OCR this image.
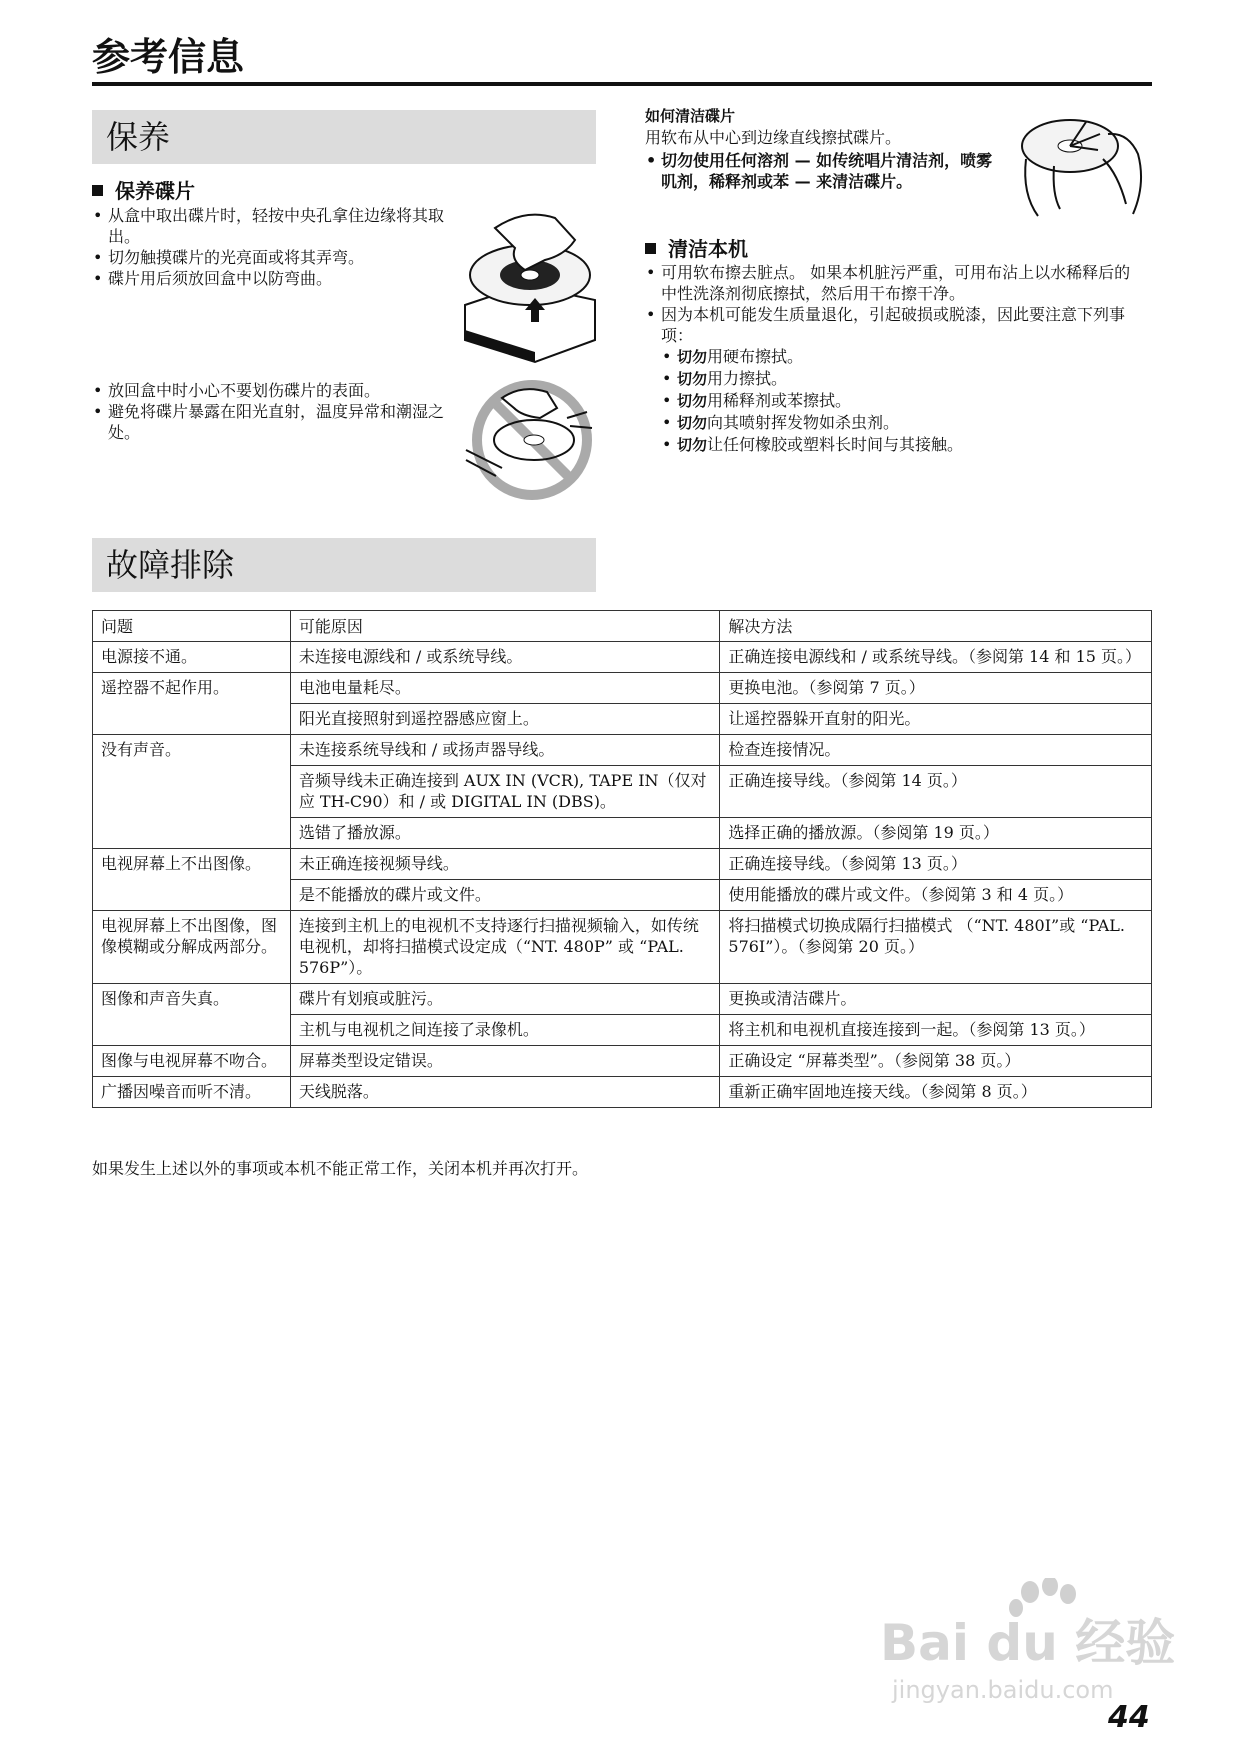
参考信息
保养
保养碟片
• 从盒中取出碟片时，轻按中央孔拿住边缘将其取出。
• 切勿触摸碟片的光亮面或将其弄弯。
• 碟片用后须放回盒中以防弯曲。
• 放回盒中时小心不要划伤碟片的表面。
• 避免将碟片暴露在阳光直射，温度异常和潮湿之处。
如何清洁碟片
用软布从中心到边缘直线擦拭碟片。
• 切勿使用任何溶剂 — 如传统唱片清洁剂，喷雾叽剂，稀释剂或苯 — 来清洁碟片。
清洁本机
• 可用软布擦去脏点。 如果本机脏污严重，可用布沾上以水稀释后的中性洗涤剂彻底擦拭，然后用干布擦干净。
• 因为本机可能发生质量退化，引起破损或脱漆，因此要注意下列事项：
• 切勿用硬布擦拭。
• 切勿用力擦拭。
• 切勿用稀释剂或苯擦拭。
• 切勿向其喷射挥发物如杀虫剂。
• 切勿让任何橡胶或塑料长时间与其接触。
故障排除
问题	可能原因	解决方法
电源接不通。	未连接电源线和 / 或系统导线。	正确连接电源线和 / 或系统导线。（参阅第 14 和 15 页。）
遥控器不起作用。	电池电量耗尽。	更换电池。（参阅第 7 页。）
	阳光直接照射到遥控器感应窗上。	让遥控器躲开直射的阳光。
没有声音。	未连接系统导线和 / 或扬声器导线。	检查连接情况。
	音频导线未正确连接到 AUX IN (VCR), TAPE IN（仅对应 TH-C90）和 / 或 DIGITAL IN (DBS)。	正确连接导线。（参阅第 14 页。）
	选错了播放源。	选择正确的播放源。（参阅第 19 页。）
电视屏幕上不出图像。	未正确连接视频导线。	正确连接导线。（参阅第 13 页。）
	是不能播放的碟片或文件。	使用能播放的碟片或文件。（参阅第 3 和 4 页。）
电视屏幕上不出图像，图像模糊或分解成两部分。	连接到主机上的电视机不支持逐行扫描视频输入，如传统电视机，却将扫描模式设定成（“NT. 480P” 或 “PAL. 576P”）。	将扫描模式切换成隔行扫描模式 （“NT. 480I”或 “PAL. 576I”）。（参阅第 20 页。）
图像和声音失真。	碟片有划痕或脏污。	更换或清洁碟片。
	主机与电视机之间连接了录像机。	将主机和电视机直接连接到一起。（参阅第 13 页。）
图像与电视屏幕不吻合。	屏幕类型设定错误。	正确设定 “屏幕类型”。（参阅第 38 页。）
广播因噪音而听不清。	天线脱落。	重新正确牢固地连接天线。（参阅第 8 页。）
如果发生上述以外的事项或本机不能正常工作，关闭本机并再次打开。
Bai du 经验
jingyan.baidu.com
44
